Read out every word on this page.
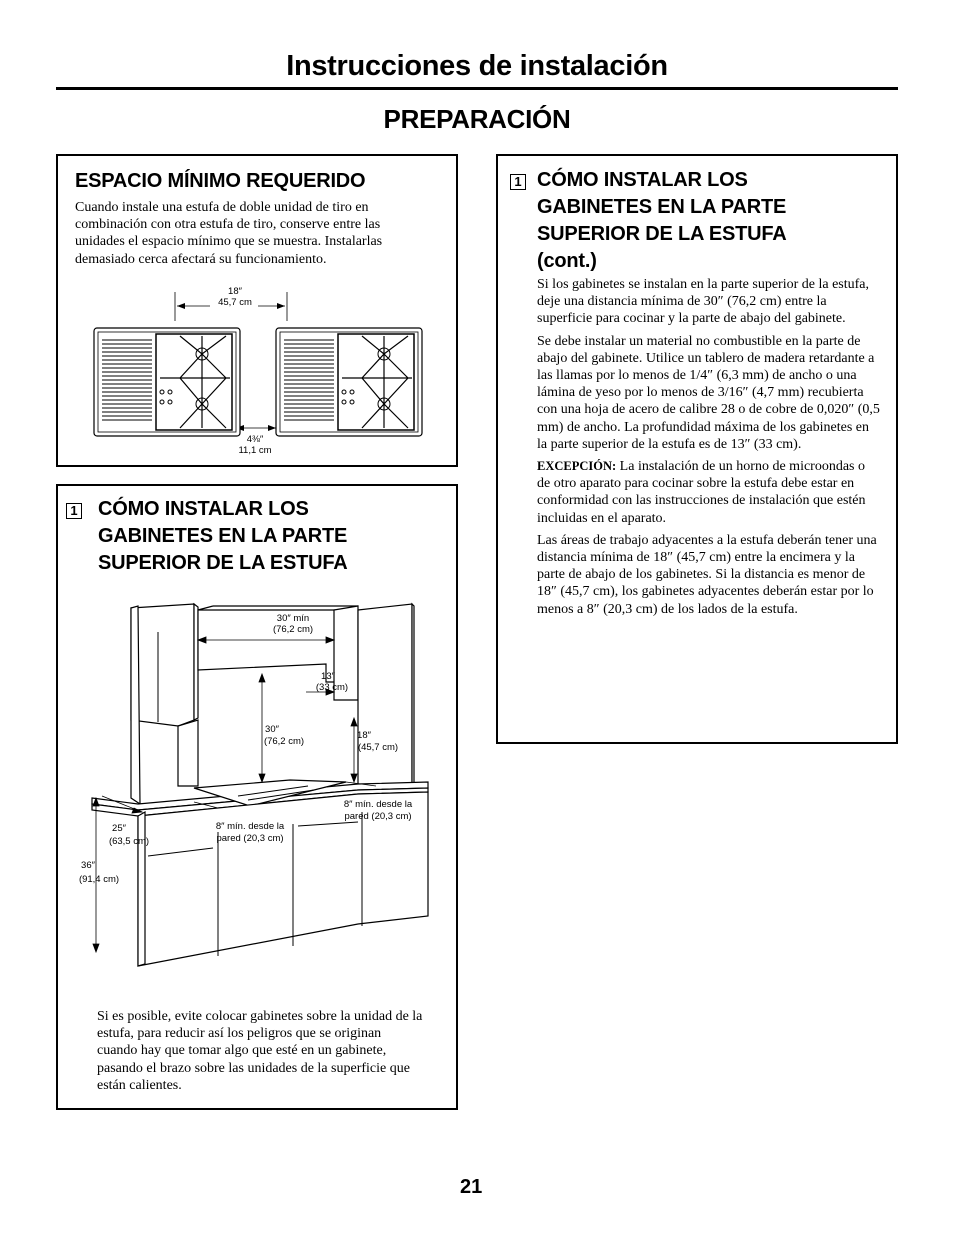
Instrucciones de instalación
PREPARACIÓN
ESPACIO MÍNIMO REQUERIDO
Cuando instale una estufa de doble unidad de tiro en combinación con otra estufa de tiro, conserve entre las unidades el espacio mínimo que se muestra. Instalarlas demasiado cerca afectará su funcionamiento.
18″
45,7 cm
4⅜″
11,1 cm
1 CÓMO INSTALAR LOS GABINETES EN LA PARTE SUPERIOR DE LA ESTUFA
30″ mín
(76,2 cm)
13″
(33 cm)
30″
(76,2 cm)
18″
(45,7 cm)
8″ mín. desde la
pared (20,3 cm)
8″ mín. desde la
pared (20,3 cm)
25″
(63,5 cm)
36″
(91,4 cm)
Si es posible, evite colocar gabinetes sobre la unidad de la estufa, para reducir así los peligros que se originan cuando hay que tomar algo que esté en un gabinete, pasando el brazo sobre las unidades de la superficie que están calientes.
1 CÓMO INSTALAR LOS GABINETES EN LA PARTE SUPERIOR DE LA ESTUFA (cont.)

Si los gabinetes se instalan en la parte superior de la estufa, deje una distancia mínima de 30″ (76,2 cm) entre la superficie para cocinar y la parte de abajo del gabinete.

Se debe instalar un material no combustible en la parte de abajo del gabinete. Utilice un tablero de madera retardante a las llamas por lo menos de 1/4″ (6,3 mm) de ancho o una lámina de yeso por lo menos de 3/16″ (4,7 mm) recubierta con una hoja de acero de calibre 28 o de cobre de 0,020″ (0,5 mm) de ancho. La profundidad máxima de los gabinetes en la parte superior de la estufa es de 13″ (33 cm).

EXCEPCIÓN: La instalación de un horno de microondas o de otro aparato para cocinar sobre la estufa debe estar en conformidad con las instrucciones de instalación que estén incluidas en el aparato.

Las áreas de trabajo adyacentes a la estufa deberán tener una distancia mínima de 18″ (45,7 cm) entre la encimera y la parte de abajo de los gabinetes. Si la distancia es menor de 18″ (45,7 cm), los gabinetes adyacentes deberán estar por lo menos a 8″ (20,3 cm) de los lados de la estufa.

21
